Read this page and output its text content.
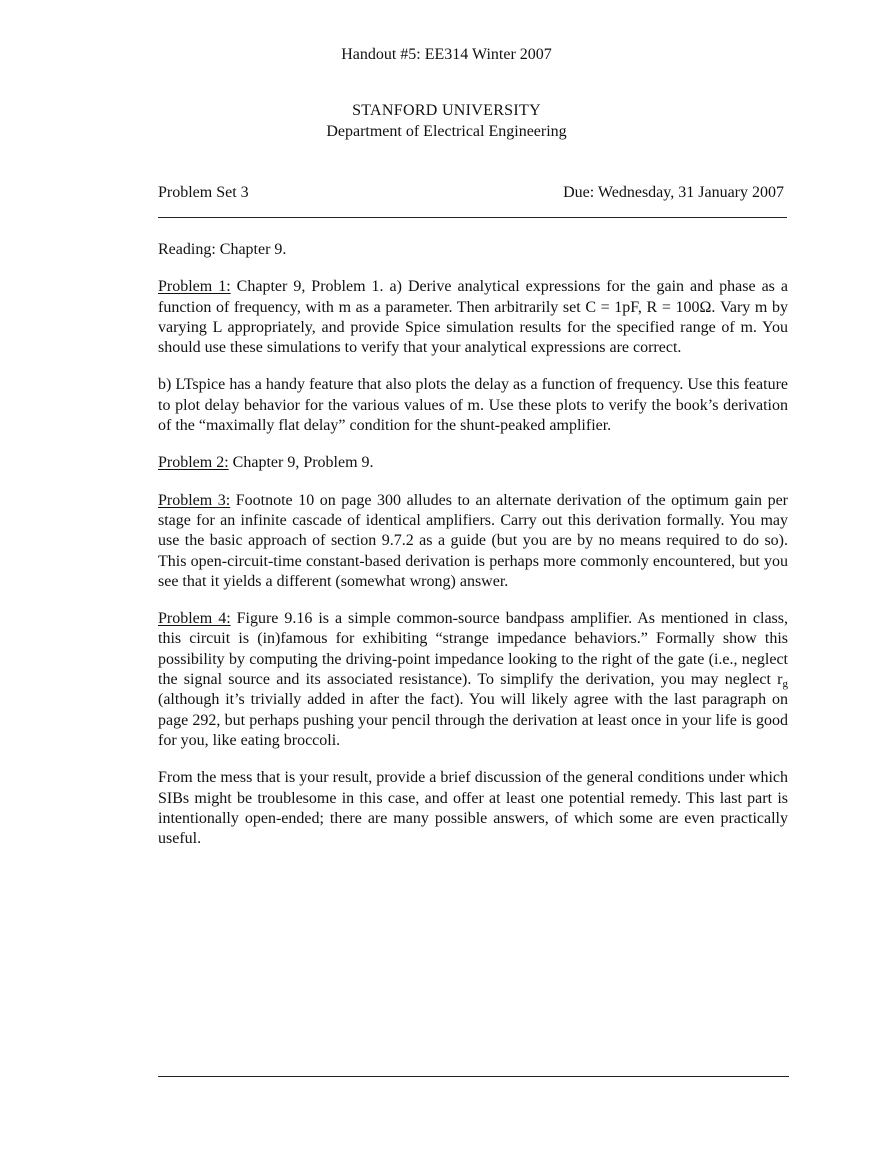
Handout #5: EE314 Winter 2007
STANFORD UNIVERSITY
Department of Electrical Engineering
Problem Set 3	Due: Wednesday, 31 January 2007

Reading: Chapter 9.

Problem 1: Chapter 9, Problem 1. a) Derive analytical expressions for the gain and phase as a function of frequency, with m as a parameter. Then arbitrarily set C = 1pF, R = 100Ω. Vary m by varying L appropriately, and provide Spice simulation results for the specified range of m. You should use these simulations to verify that your analytical expressions are correct.

b) LTspice has a handy feature that also plots the delay as a function of frequency. Use this feature to plot delay behavior for the various values of m. Use these plots to verify the book’s derivation of the “maximally flat delay” condition for the shunt-peaked amplifier.

Problem 2: Chapter 9, Problem 9.

Problem 3: Footnote 10 on page 300 alludes to an alternate derivation of the optimum gain per stage for an infinite cascade of identical amplifiers. Carry out this derivation formally. You may use the basic approach of section 9.7.2 as a guide (but you are by no means required to do so). This open-circuit-time constant-based derivation is perhaps more commonly encountered, but you see that it yields a different (somewhat wrong) answer.

Problem 4: Figure 9.16 is a simple common-source bandpass amplifier. As mentioned in class, this circuit is (in)famous for exhibiting “strange impedance behaviors.” Formally show this possibility by computing the driving-point impedance looking to the right of the gate (i.e., neglect the signal source and its associated resistance). To simplify the derivation, you may neglect $r_g$ (although it’s trivially added in after the fact). You will likely agree with the last paragraph on page 292, but perhaps pushing your pencil through the derivation at least once in your life is good for you, like eating broccoli.

From the mess that is your result, provide a brief discussion of the general conditions under which SIBs might be troublesome in this case, and offer at least one potential remedy. This last part is intentionally open-ended; there are many possible answers, of which some are even practically useful.
